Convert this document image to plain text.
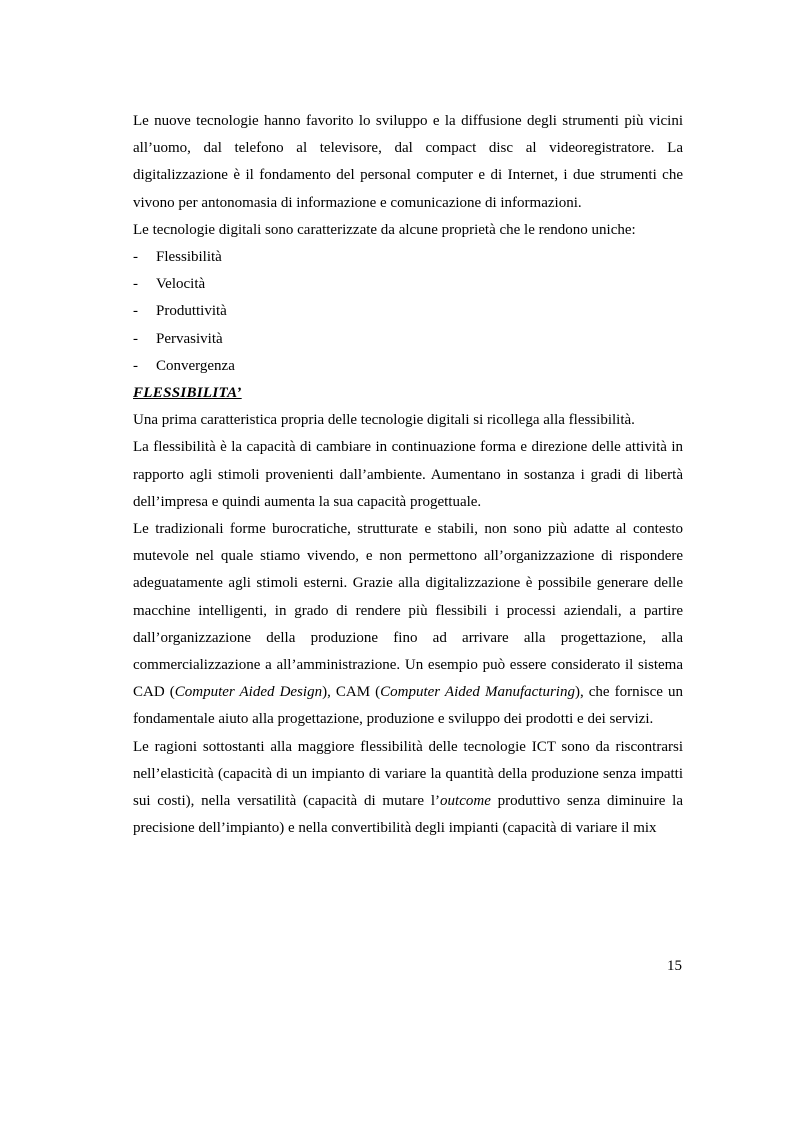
Le nuove tecnologie hanno favorito lo sviluppo e la diffusione degli strumenti più vicini all’uomo, dal telefono al televisore, dal compact disc al videoregistratore. La digitalizzazione è il fondamento del personal computer e di Internet, i due strumenti che vivono per antonomasia di informazione e comunicazione di informazioni.

Le tecnologie digitali sono caratterizzate da alcune proprietà che le rendono uniche:

-	Flessibilità
-	Velocità
-	Produttività
-	Pervasività
-	Convergenza

FLESSIBILITA’

Una prima caratteristica propria delle tecnologie digitali si ricollega alla flessibilità.

La flessibilità è la capacità di cambiare in continuazione forma e direzione delle attività in rapporto agli stimoli provenienti dall’ambiente. Aumentano in sostanza i gradi di libertà dell’impresa e quindi aumenta la sua capacità progettuale.

Le tradizionali forme burocratiche, strutturate e stabili, non sono più adatte al contesto mutevole nel quale stiamo vivendo, e non permettono all’organizzazione di rispondere adeguatamente agli stimoli esterni. Grazie alla digitalizzazione è possibile generare delle macchine intelligenti, in grado di rendere più flessibili i processi aziendali, a partire dall’organizzazione della produzione fino ad arrivare alla progettazione, alla commercializzazione a all’amministrazione. Un esempio può essere considerato il sistema CAD (Computer Aided Design), CAM (Computer Aided Manufacturing), che fornisce un fondamentale aiuto alla progettazione, produzione e sviluppo dei prodotti e dei servizi.

Le ragioni sottostanti alla maggiore flessibilità delle tecnologie ICT sono da riscontrarsi nell’elasticità (capacità di un impianto di variare la quantità della produzione senza impatti sui costi), nella versatilità (capacità di mutare l’outcome produttivo senza diminuire la precisione dell’impianto) e nella convertibilità degli impianti (capacità di variare il mix

15
